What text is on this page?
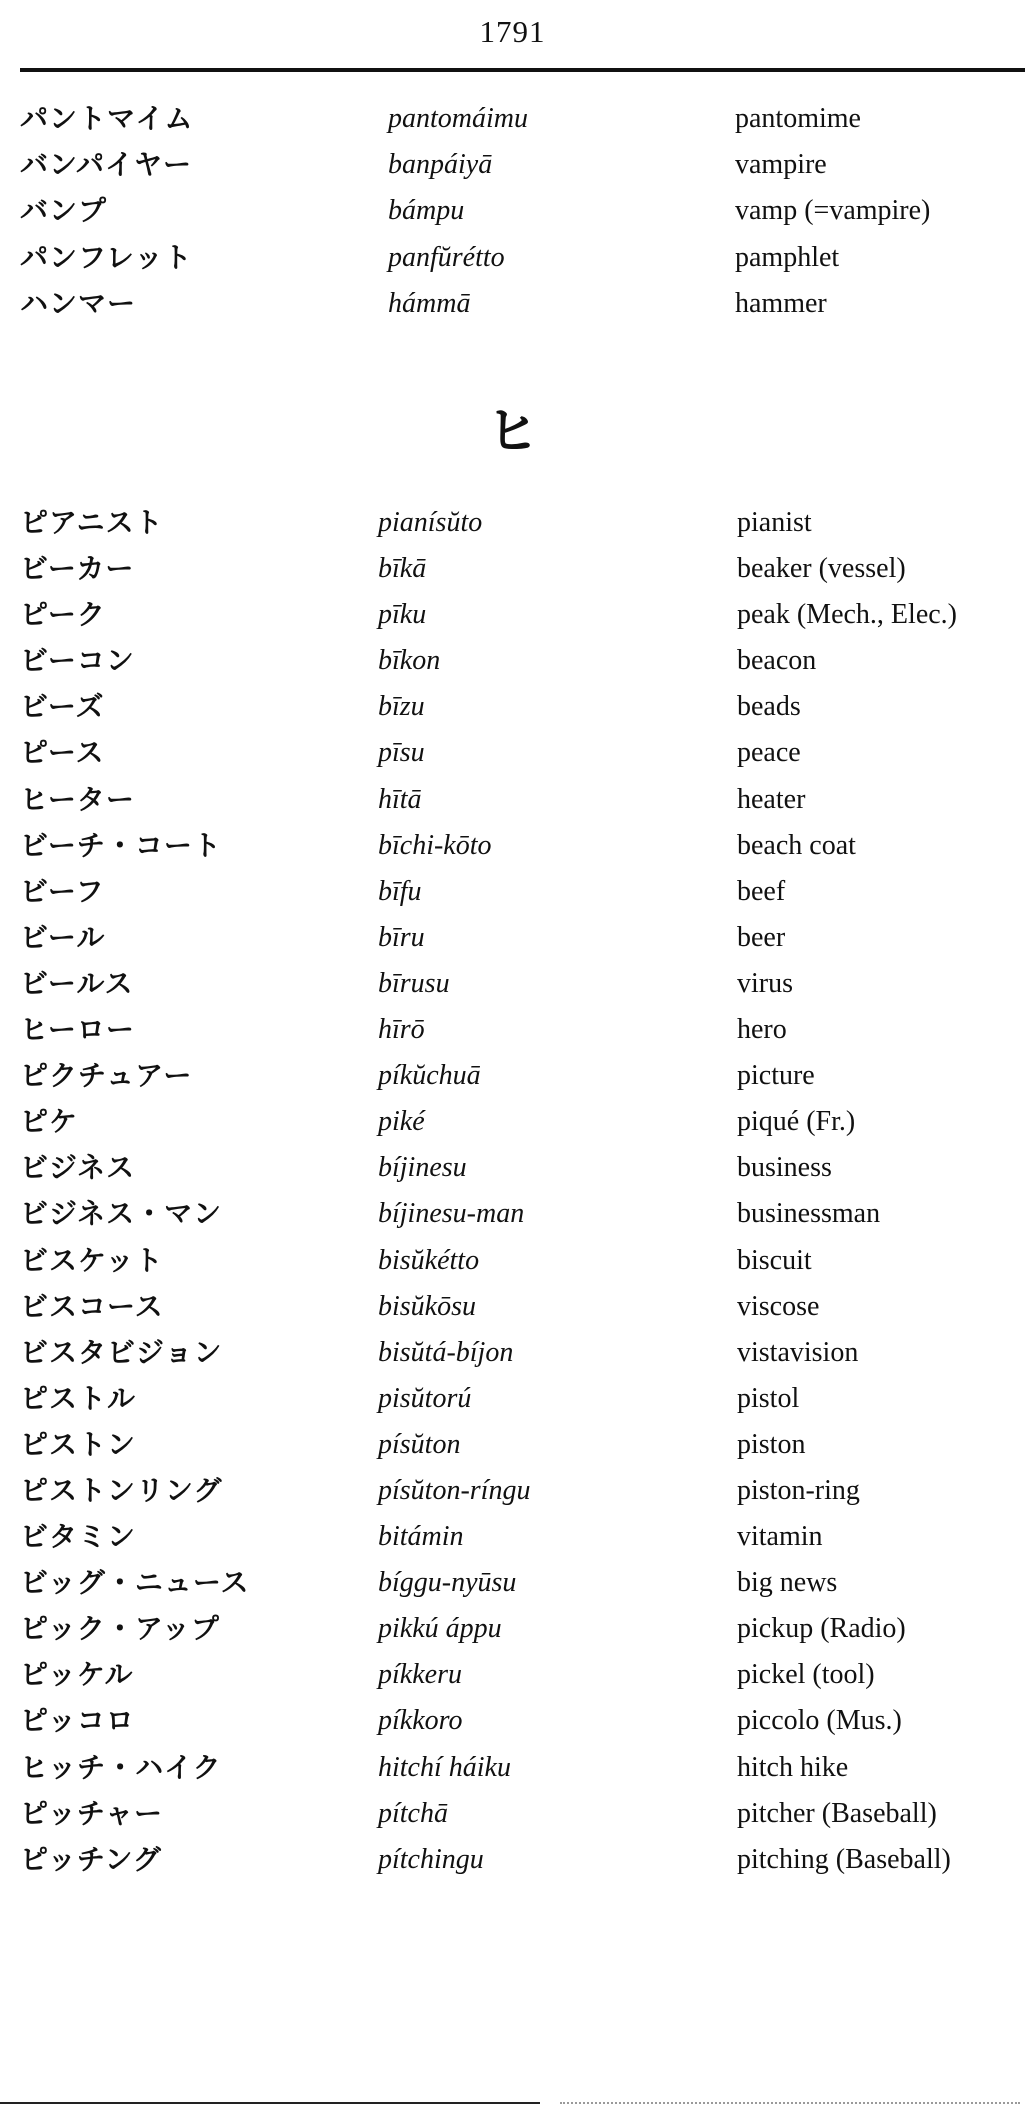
1791
パントマイム	pantomáimu	pantomime
バンパイヤー	banpáiyā	vampire
バンプ	bámpu	vamp (=vampire)
パンフレット	panfŭrétto	pamphlet
ハンマー	hámmā	hammer
ヒ
ピアニスト	pianísŭto	pianist
ビーカー	bīkā	beaker (vessel)
ピーク	pīku	peak (Mech., Elec.)
ビーコン	bīkon	beacon
ビーズ	bīzu	beads
ピース	pīsu	peace
ヒーター	hītā	heater
ビーチ・コート	bīchi-kōto	beach coat
ビーフ	bīfu	beef
ビール	bīru	beer
ビールス	bīrusu	virus
ヒーロー	hīrō	hero
ピクチュアー	píkŭchuā	picture
ピケ	piké	piqué (Fr.)
ビジネス	bíjinesu	business
ビジネス・マン	bíjinesu-man	businessman
ビスケット	bisŭkétto	biscuit
ビスコース	bisŭkōsu	viscose
ビスタビジョン	bisŭtá-bíjon	vistavision
ピストル	pisŭtorú	pistol
ピストン	písŭton	piston
ピストンリング	písŭton-ríngu	piston-ring
ビタミン	bitámin	vitamin
ビッグ・ニュース	bíggu-nyūsu	big news
ピック・アップ	pikkú áppu	pickup (Radio)
ピッケル	píkkeru	pickel (tool)
ピッコロ	píkkoro	piccolo (Mus.)
ヒッチ・ハイク	hitchí háiku	hitch hike
ピッチャー	pítchā	pitcher (Baseball)
ピッチング	pítchingu	pitching (Baseball)
